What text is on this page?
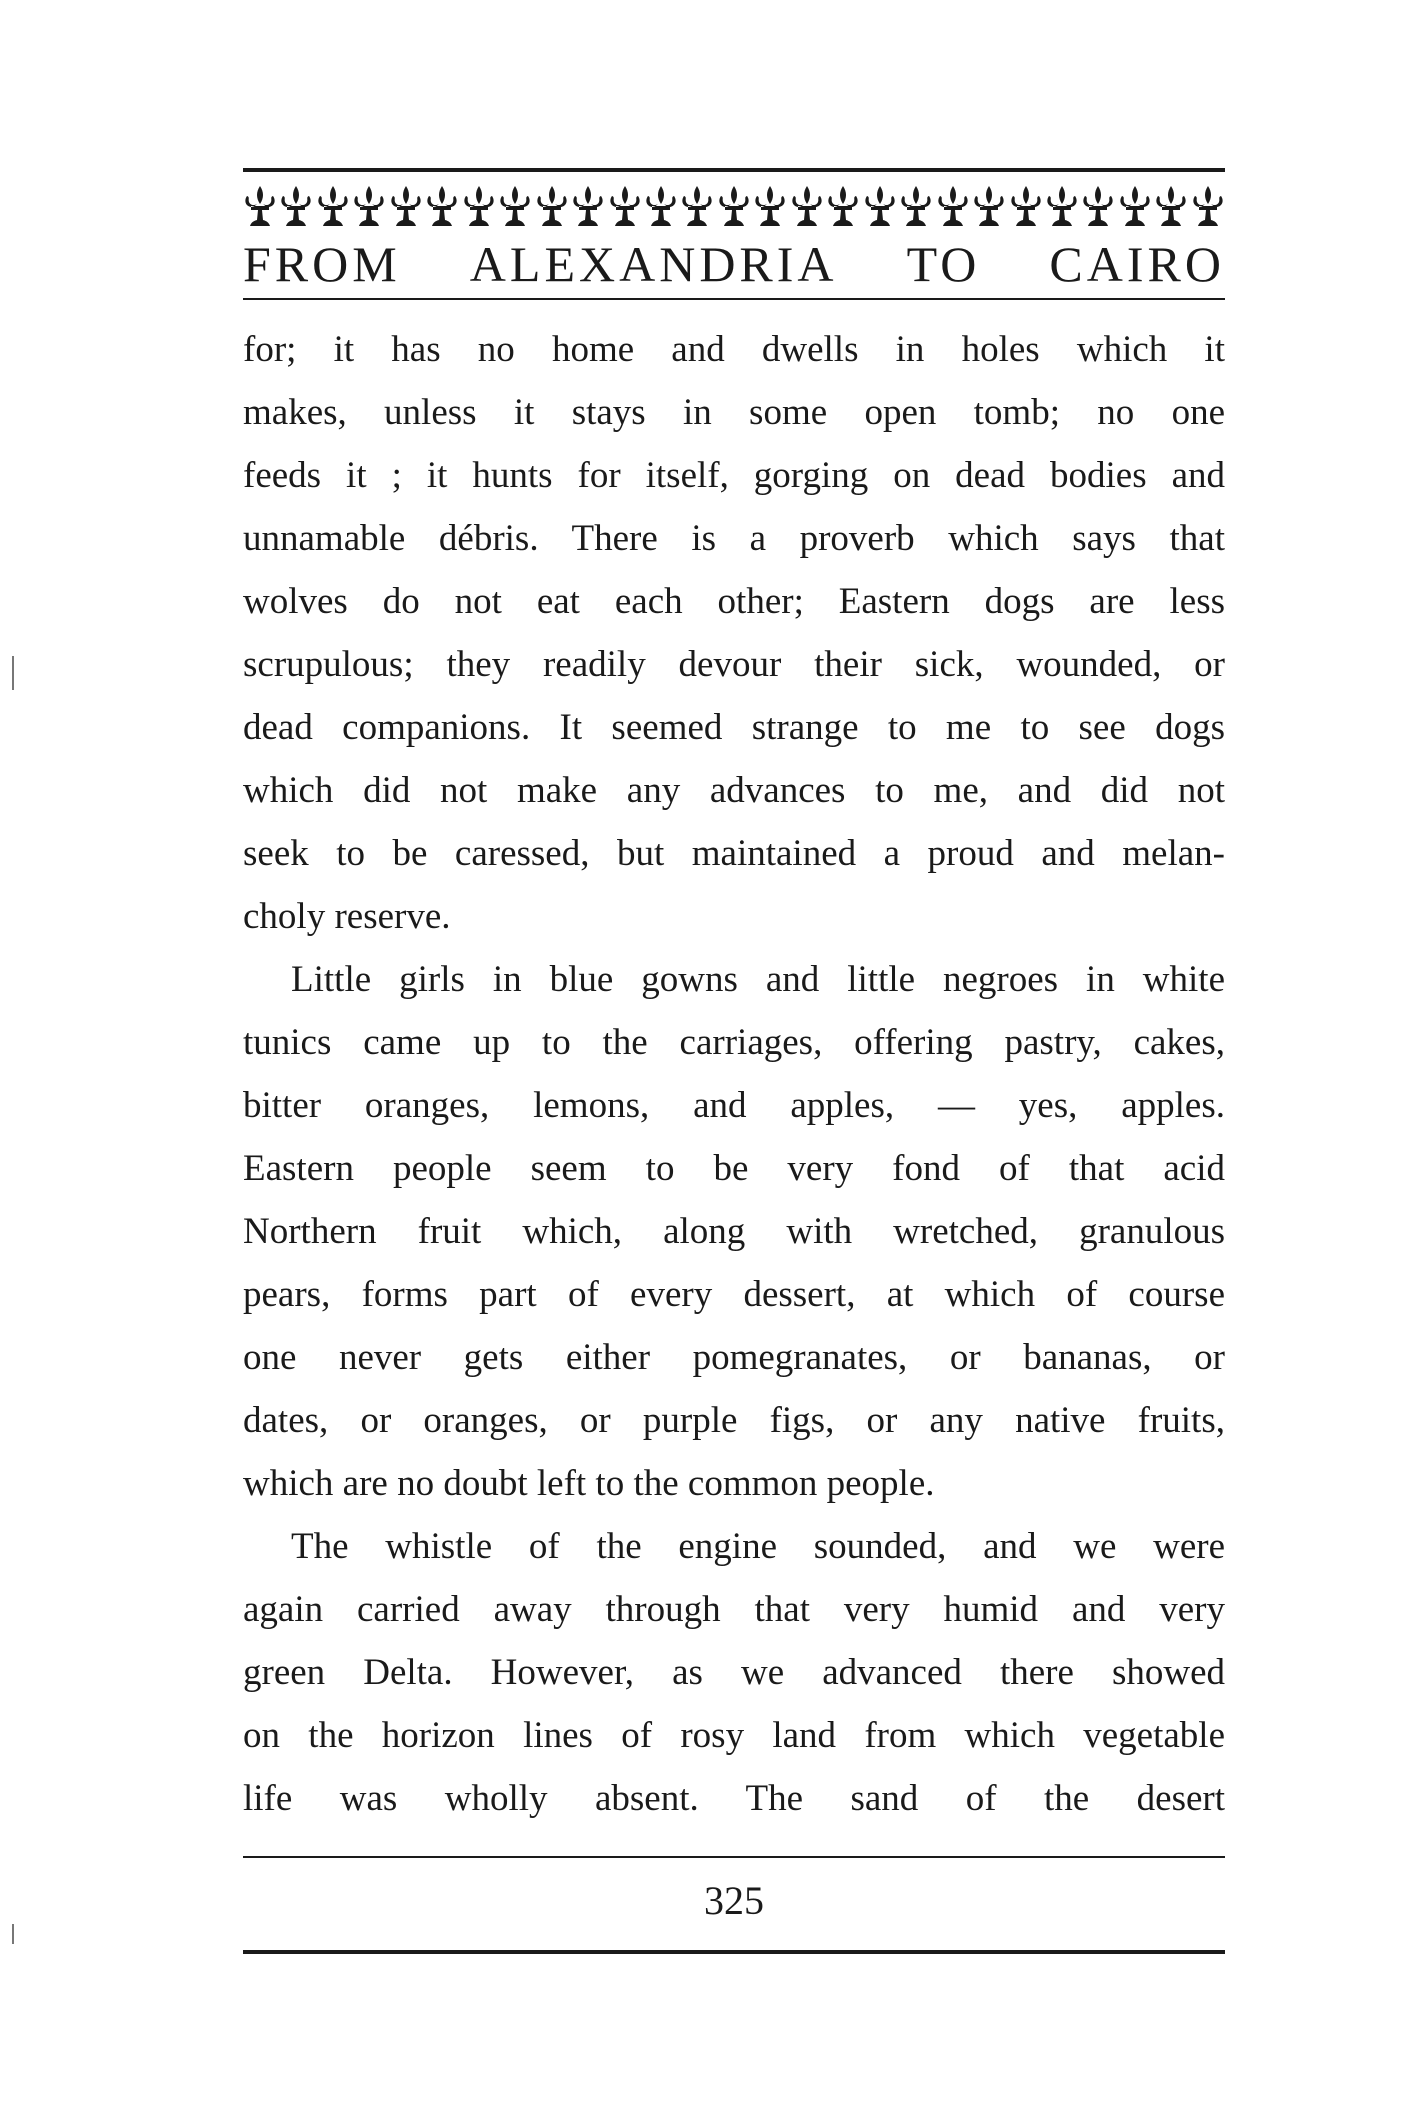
FROM ALEXANDRIA TO CAIRO
for; it has no home and dwells in holes which it
makes, unless it stays in some open tomb; no one
feeds it ; it hunts for itself, gorging on dead bodies and
unnamable débris. There is a proverb which says that
wolves do not eat each other; Eastern dogs are less
scrupulous; they readily devour their sick, wounded, or
dead companions. It seemed strange to me to see dogs
which did not make any advances to me, and did not
seek to be caressed, but maintained a proud and melan-
choly reserve.
Little girls in blue gowns and little negroes in white
tunics came up to the carriages, offering pastry, cakes,
bitter oranges, lemons, and apples, — yes, apples.
Eastern people seem to be very fond of that acid
Northern fruit which, along with wretched, granulous
pears, forms part of every dessert, at which of course
one never gets either pomegranates, or bananas, or
dates, or oranges, or purple figs, or any native fruits,
which are no doubt left to the common people.
The whistle of the engine sounded, and we were
again carried away through that very humid and very
green Delta. However, as we advanced there showed
on the horizon lines of rosy land from which vegetable
life was wholly absent. The sand of the desert
325
